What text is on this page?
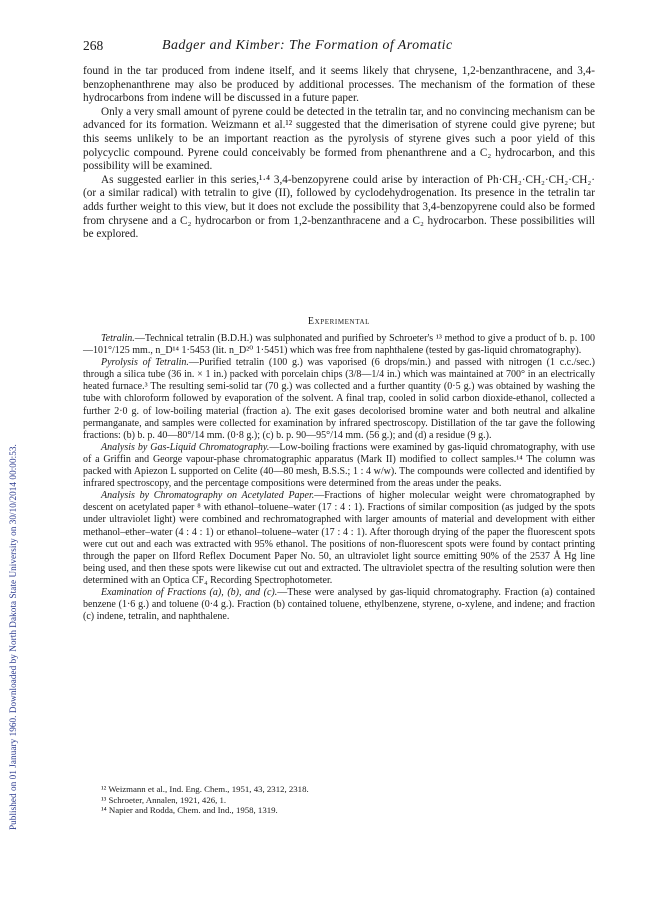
Published on 01 January 1960. Downloaded by North Dakota State University on 30/10/2014 00:00:53.
268	Badger and Kimber: The Formation of Aromatic

found in the tar produced from indene itself, and it seems likely that chrysene, 1,2-benzanthracene, and 3,4-benzophenanthrene may also be produced by additional processes. The mechanism of the formation of these hydrocarbons from indene will be discussed in a future paper.

Only a very small amount of pyrene could be detected in the tetralin tar, and no convincing mechanism can be advanced for its formation. Weizmann et al.¹² suggested that the dimerisation of styrene could give pyrene; but this seems unlikely to be an important reaction as the pyrolysis of styrene gives such a poor yield of this polycyclic compound. Pyrene could conceivably be formed from phenanthrene and a C₂ hydrocarbon, and this possibility will be examined.

As suggested earlier in this series,¹·⁴ 3,4-benzopyrene could arise by interaction of Ph·CH₂·CH₂·CH₂·CH₂· (or a similar radical) with tetralin to give (II), followed by cyclodehydrogenation. Its presence in the tetralin tar adds further weight to this view, but it does not exclude the possibility that 3,4-benzopyrene could also be formed from chrysene and a C₂ hydrocarbon or from 1,2-benzanthracene and a C₂ hydrocarbon. These possibilities will be explored.

Experimental

Tetralin.—Technical tetralin (B.D.H.) was sulphonated and purified by Schroeter's ¹³ method to give a product of b. p. 100—101°/125 mm., n_D¹⁴ 1·5453 (lit. n_D²⁰ 1·5451) which was free from naphthalene (tested by gas-liquid chromatography).

Pyrolysis of Tetralin.—Purified tetralin (100 g.) was vaporised (6 drops/min.) and passed with nitrogen (1 c.c./sec.) through a silica tube (36 in. × 1 in.) packed with porcelain chips (3/8—1/4 in.) which was maintained at 700° in an electrically heated furnace.³ The resulting semi-solid tar (70 g.) was collected and a further quantity (0·5 g.) was obtained by washing the tube with chloroform followed by evaporation of the solvent. A final trap, cooled in solid carbon dioxide-ethanol, collected a further 2·0 g. of low-boiling material (fraction a). The exit gases decolorised bromine water and both neutral and alkaline permanganate, and samples were collected for examination by infrared spectroscopy. Distillation of the tar gave the following fractions: (b) b. p. 40—80°/14 mm. (0·8 g.); (c) b. p. 90—95°/14 mm. (56 g.); and (d) a residue (9 g.).

Analysis by Gas-Liquid Chromatography.—Low-boiling fractions were examined by gas-liquid chromatography, with use of a Griffin and George vapour-phase chromatographic apparatus (Mark II) modified to collect samples.¹⁴ The column was packed with Apiezon L supported on Celite (40—80 mesh, B.S.S.; 1 : 4 w/w). The compounds were collected and identified by infrared spectroscopy, and the percentage compositions were determined from the areas under the peaks.

Analysis by Chromatography on Acetylated Paper.—Fractions of higher molecular weight were chromatographed by descent on acetylated paper ⁸ with ethanol–toluene–water (17 : 4 : 1). Fractions of similar composition (as judged by the spots under ultraviolet light) were combined and rechromatographed with larger amounts of material and development with either methanol–ether–water (4 : 4 : 1) or ethanol–toluene–water (17 : 4 : 1). After thorough drying of the paper the fluorescent spots were cut out and each was extracted with 95% ethanol. The positions of non-fluorescent spots were found by contact printing through the paper on Ilford Reflex Document Paper No. 50, an ultraviolet light source emitting 90% of the 2537 Å Hg line being used, and then these spots were likewise cut out and extracted. The ultraviolet spectra of the resulting solution were then determined with an Optica CF₄ Recording Spectrophotometer.

Examination of Fractions (a), (b), and (c).—These were analysed by gas-liquid chromatography. Fraction (a) contained benzene (1·6 g.) and toluene (0·4 g.). Fraction (b) contained toluene, ethylbenzene, styrene, o-xylene, and indene; and fraction (c) indene, tetralin, and naphthalene.

¹² Weizmann et al., Ind. Eng. Chem., 1951, 43, 2312, 2318.
¹³ Schroeter, Annalen, 1921, 426, 1.
¹⁴ Napier and Rodda, Chem. and Ind., 1958, 1319.
